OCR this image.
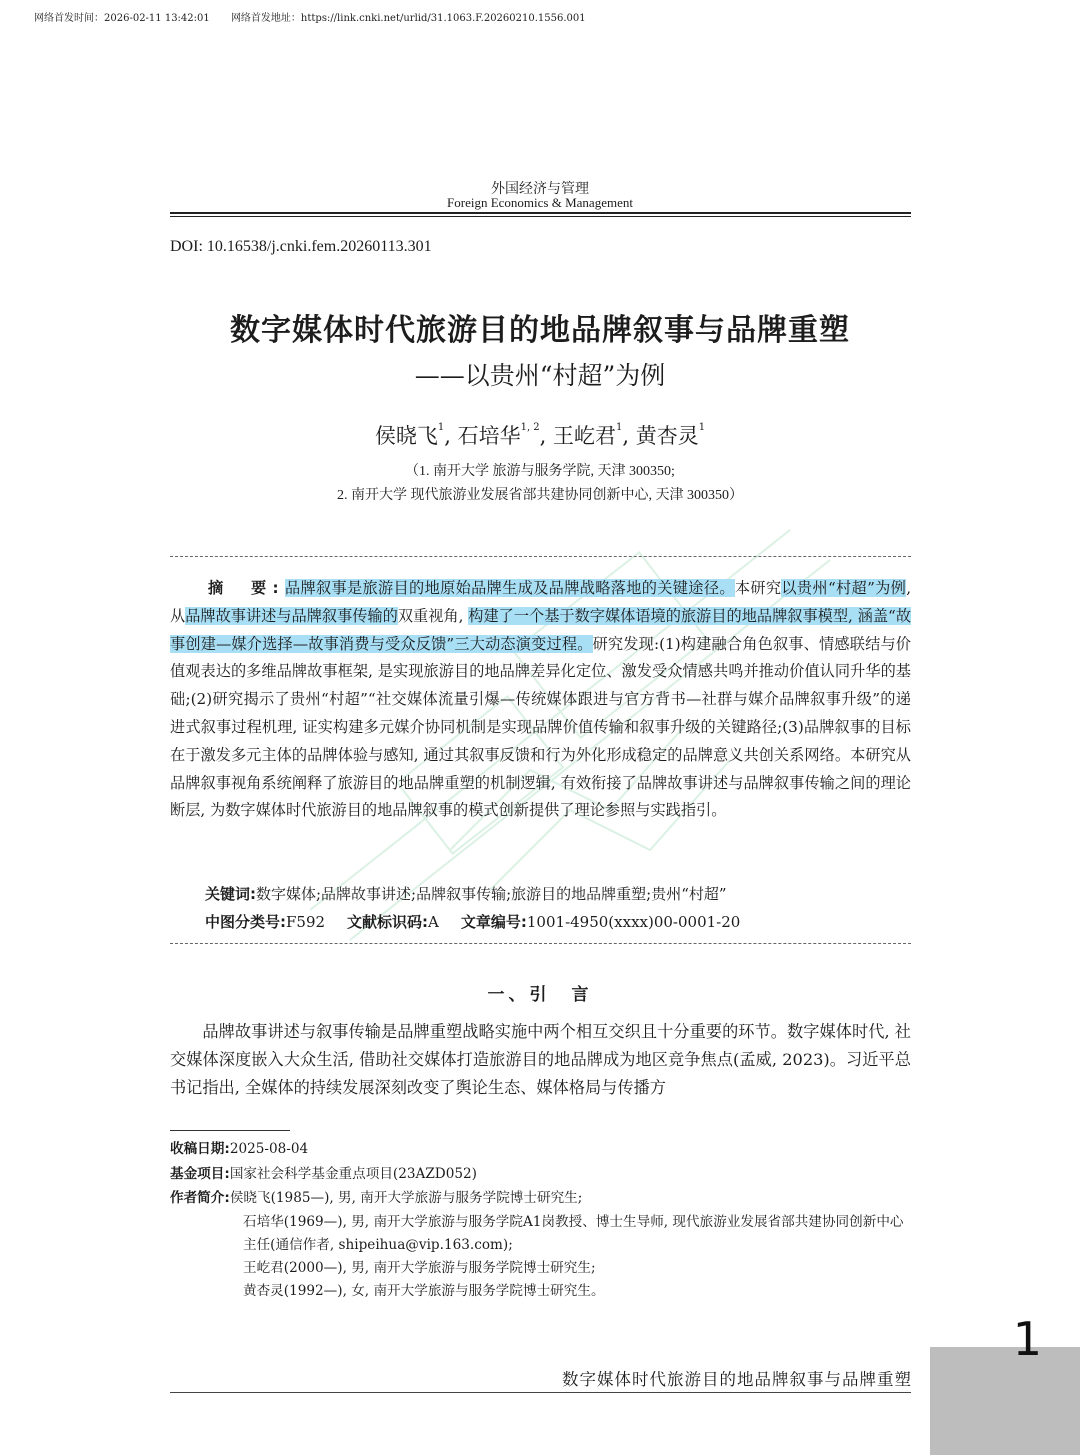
网络首发时间：2026-02-11 13:42:01 网络首发地址：https://link.cnki.net/urlid/31.1063.F.20260210.1556.001
外国经济与管理
Foreign Economics & Management
DOI: 10.16538/j.cnki.fem.20260113.301
数字媒体时代旅游目的地品牌叙事与品牌重塑
——以贵州“村超”为例
侯晓飞$^1$, 石培华$^{1, 2}$, 王屹君$^1$, 黄杏灵$^1$
（1. 南开大学 旅游与服务学院, 天津 300350;
2. 南开大学 现代旅游业发展省部共建协同创新中心, 天津 300350）
摘　要:品牌叙事是旅游目的地原始品牌生成及品牌战略落地的关键途径。本研究以贵州“村超”为例, 从品牌故事讲述与品牌叙事传输的双重视角, 构建了一个基于数字媒体语境的旅游目的地品牌叙事模型, 涵盖“故事创建—媒介选择—故事消费与受众反馈”三大动态演变过程。研究发现:(1)构建融合角色叙事、情感联结与价值观表达的多维品牌故事框架, 是实现旅游目的地品牌差异化定位、激发受众情感共鸣并推动价值认同升华的基础;(2)研究揭示了贵州“村超”“社交媒体流量引爆—传统媒体跟进与官方背书—社群与媒介品牌叙事升级”的递进式叙事过程机理, 证实构建多元媒介协同机制是实现品牌价值传输和叙事升级的关键路径;(3)品牌叙事的目标在于激发多元主体的品牌体验与感知, 通过其叙事反馈和行为外化形成稳定的品牌意义共创关系网络。本研究从品牌叙事视角系统阐释了旅游目的地品牌重塑的机制逻辑, 有效衔接了品牌故事讲述与品牌叙事传输之间的理论断层, 为数字媒体时代旅游目的地品牌叙事的模式创新提供了理论参照与实践指引。
关键词:数字媒体;品牌故事讲述;品牌叙事传输;旅游目的地品牌重塑;贵州“村超”
中图分类号:F592 文献标识码:A 文章编号:1001-4950(xxxx)00-0001-20
一、引　言

品牌故事讲述与叙事传输是品牌重塑战略实施中两个相互交织且十分重要的环节。数字媒体时代, 社交媒体深度嵌入大众生活, 借助社交媒体打造旅游目的地品牌成为地区竞争焦点(孟威, 2023)。习近平总书记指出, 全媒体的持续发展深刻改变了舆论生态、媒体格局与传播方

收稿日期:2025-08-04
基金项目:国家社会科学基金重点项目(23AZD052)
作者简介:侯晓飞(1985—), 男, 南开大学旅游与服务学院博士研究生;
石培华(1969—), 男, 南开大学旅游与服务学院A1岗教授、博士生导师, 现代旅游业发展省部共建协同创新中心主任(通信作者, shipeihua@vip.163.com);
王屹君(2000—), 男, 南开大学旅游与服务学院博士研究生;
黄杏灵(1992—), 女, 南开大学旅游与服务学院博士研究生。
1
数字媒体时代旅游目的地品牌叙事与品牌重塑
